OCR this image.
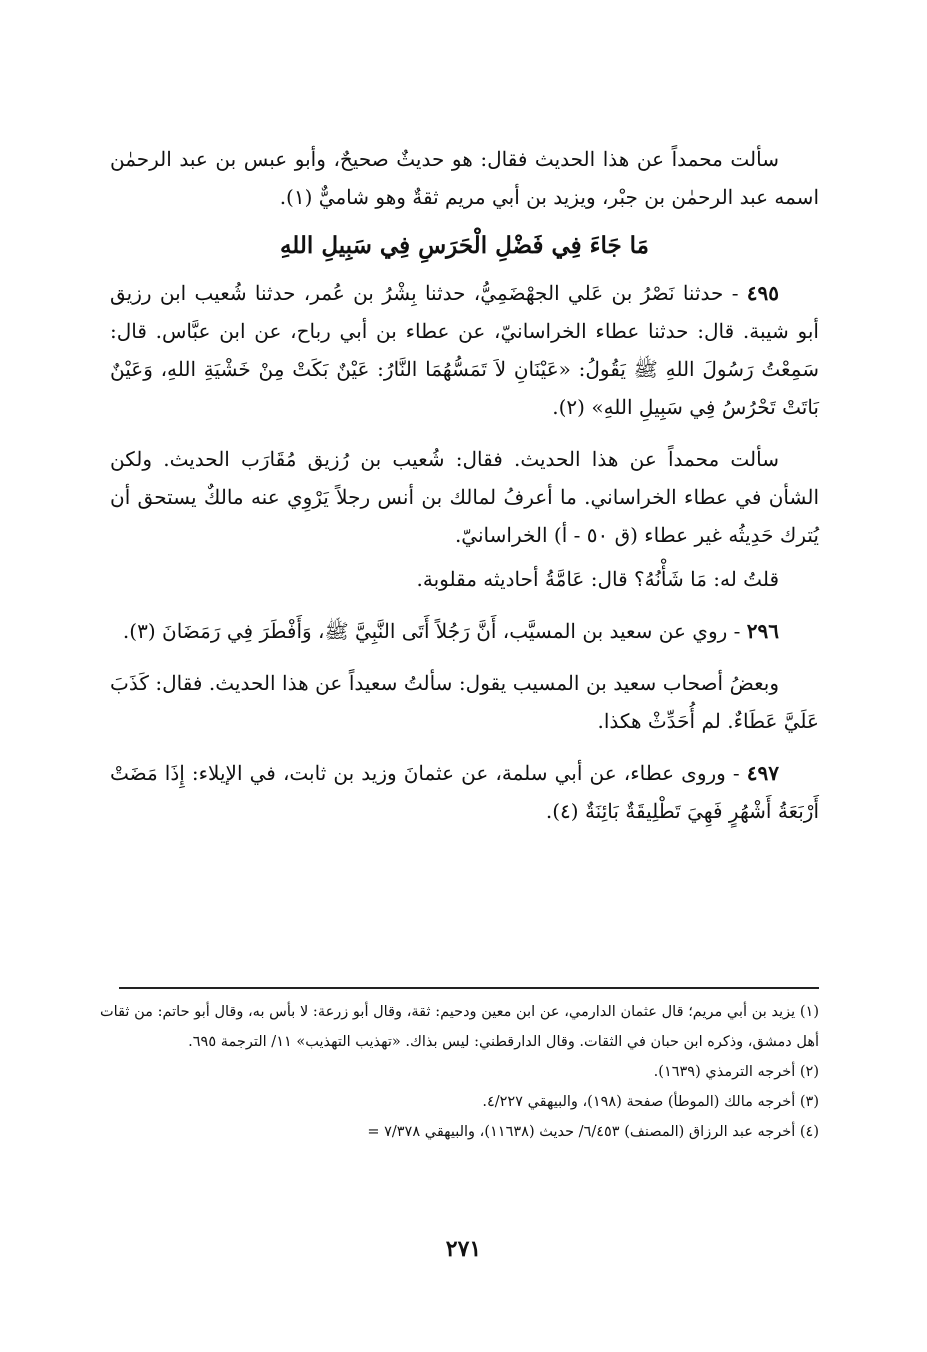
سألت محمداً عن هذا الحديث فقال: هو حديثٌ صحيحٌ، وأبو عبس بن عبد الرحمٰن اسمه عبد الرحمٰن بن جبْر، ويزيد بن أبي مريم ثقةٌ وهو شاميٌّ (١).

مَا جَاءَ فِي فَضْلِ الْحَرَسِ فِي سَبِيلِ اللهِ

٤٩٥ - حدثنا نَصْرُ بن عَلي الجهْضَمِيُّ، حدثنا بِشْرُ بن عُمر، حدثنا شُعيب ابن رزيق أبو شيبة. قال: حدثنا عطاء الخراسانيّ، عن عطاء بن أبي رباح، عن ابن عبَّاس. قال: سَمِعْتُ رَسُولَ اللهِ ﷺ يَقُولُ: «عَيْنَانِ لاَ تَمَسُّهُمَا النَّارُ: عَيْنٌ بَكَتْ مِنْ خَشْيَةِ اللهِ، وَعَيْنٌ بَاتَتْ تَحْرُسُ فِي سَبِيلِ اللهِ» (٢).

سألت محمداً عن هذا الحديث. فقال: شُعيب بن رُزيق مُقَارَب الحديث. ولكن الشأن في عطاء الخراساني. ما أعرفُ لمالك بن أنس رجلاً يَرْوِي عنه مالكٌ يستحق أن يُترك حَدِيثُه غير عطاء (ق ٥٠ - أ) الخراسانيّ.

قلتُ له: مَا شَأْنُهُ؟ قال: عَامَّةُ أحاديثه مقلوبة.

٢٩٦ - روي عن سعيد بن المسيَّب، أَنَّ رَجُلاً أَتَى النَّبِيَّ ﷺ، وَأَفْطَرَ فِي رَمَضَانَ (٣).

وبعضُ أصحاب سعيد بن المسيب يقول: سألتُ سعيداً عن هذا الحديث. فقال: كَذَبَ عَلَيَّ عَطَاءٌ. لم أُحَدِّثْ هكذا.

٤٩٧ - وروى عطاء، عن أبي سلمة، عن عثمانَ وزيد بن ثابت، في الإيلاء: إِذَا مَضَتْ أَرْبَعَةُ أَشْهُرٍ فَهِيَ تَطْلِيقَةٌ بَائِنَةٌ (٤).

(١) يزيد بن أبي مريم؛ قال عثمان الدارمي، عن ابن معين ودحيم: ثقة، وقال أبو زرعة: لا بأس به، وقال أبو حاتم: من ثقات أهل دمشق، وذكره ابن حبان في الثقات. وقال الدارقطني: ليس بذاك. «تهذيب التهذيب» ١١/ الترجمة ٦٩٥.

(٢) أخرجه الترمذي (١٦٣٩).

(٣) أخرجه مالك (الموطأ) صفحة (١٩٨)، والبيهقي ٤/٢٢٧.

(٤) أخرجه عبد الرزاق (المصنف) ٦/٤٥٣/ حديث (١١٦٣٨)، والبيهقي ٧/٣٧٨ =

٢٧١
